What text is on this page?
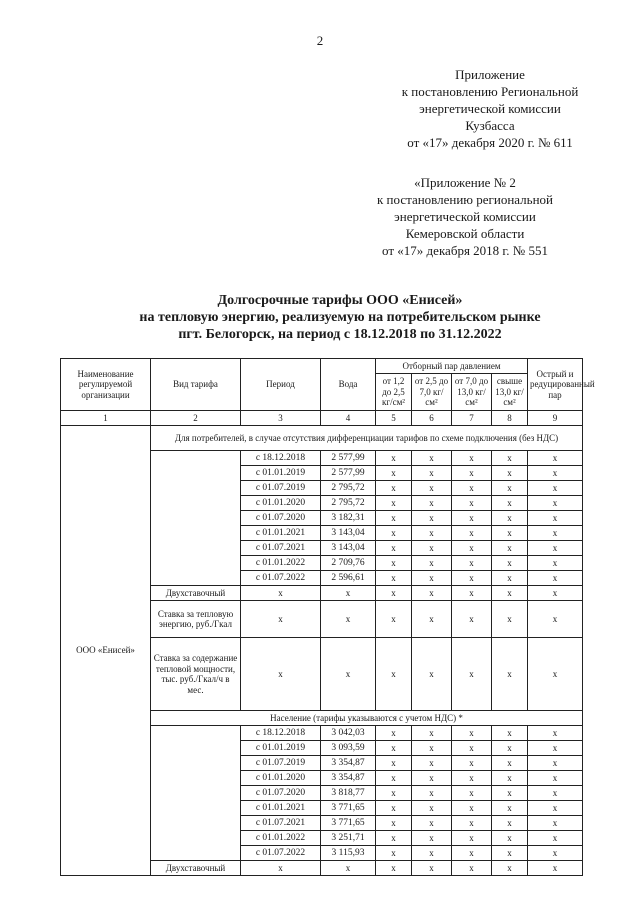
2
Приложение
к постановлению Региональной
энергетической комиссии
Кузбасса
от «17» декабря 2020 г. № 611
«Приложение № 2
к постановлению региональной
энергетической комиссии
Кемеровской области
от «17» декабря 2018 г. № 551
Долгосрочные тарифы ООО «Енисей»
на тепловую энергию, реализуемую на потребительском рынке
пгт. Белогорск, на период с 18.12.2018 по 31.12.2022
Наименование регулируемой организации	Вид тарифа	Период	Вода	Отборный пар давлением				Острый и редуцированный пар
				от 1,2 до 2,5 кг/см²	от 2,5 до 7,0 кг/см²	от 7,0 до 13,0 кг/см²	свыше 13,0 кг/см²	
1	2	3	4	5	6	7	8	9
ООО «Енисей»	Для потребителей, в случае отсутствия дифференциации тарифов по схеме подключения (без НДС)							
		с 18.12.2018	2 577,99	х	х	х	х	х
		с 01.01.2019	2 577,99	х	х	х	х	х
		с 01.07.2019	2 795,72	х	х	х	х	х
		с 01.01.2020	2 795,72	х	х	х	х	х
		с 01.07.2020	3 182,31	х	х	х	х	х
		с 01.01.2021	3 143,04	х	х	х	х	х
		с 01.07.2021	3 143,04	х	х	х	х	х
		с 01.01.2022	2 709,76	х	х	х	х	х
		с 01.07.2022	2 596,61	х	х	х	х	х
	Двухставочный	х	х	х	х	х	х	х
	Ставка за тепловую энергию, руб./Гкал	х	х	х	х	х	х	х
	Ставка за содержание тепловой мощности, тыс. руб./Гкал/ч в мес.	х	х	х	х	х	х	х
	Население (тарифы указываются с учетом НДС) *							
		с 18.12.2018	3 042,03	х	х	х	х	х
		с 01.01.2019	3 093,59	х	х	х	х	х
		с 01.07.2019	3 354,87	х	х	х	х	х
		с 01.01.2020	3 354,87	х	х	х	х	х
		с 01.07.2020	3 818,77	х	х	х	х	х
		с 01.01.2021	3 771,65	х	х	х	х	х
		с 01.07.2021	3 771,65	х	х	х	х	х
		с 01.01.2022	3 251,71	х	х	х	х	х
		с 01.07.2022	3 115,93	х	х	х	х	х
	Двухставочный	х	х	х	х	х	х	х
